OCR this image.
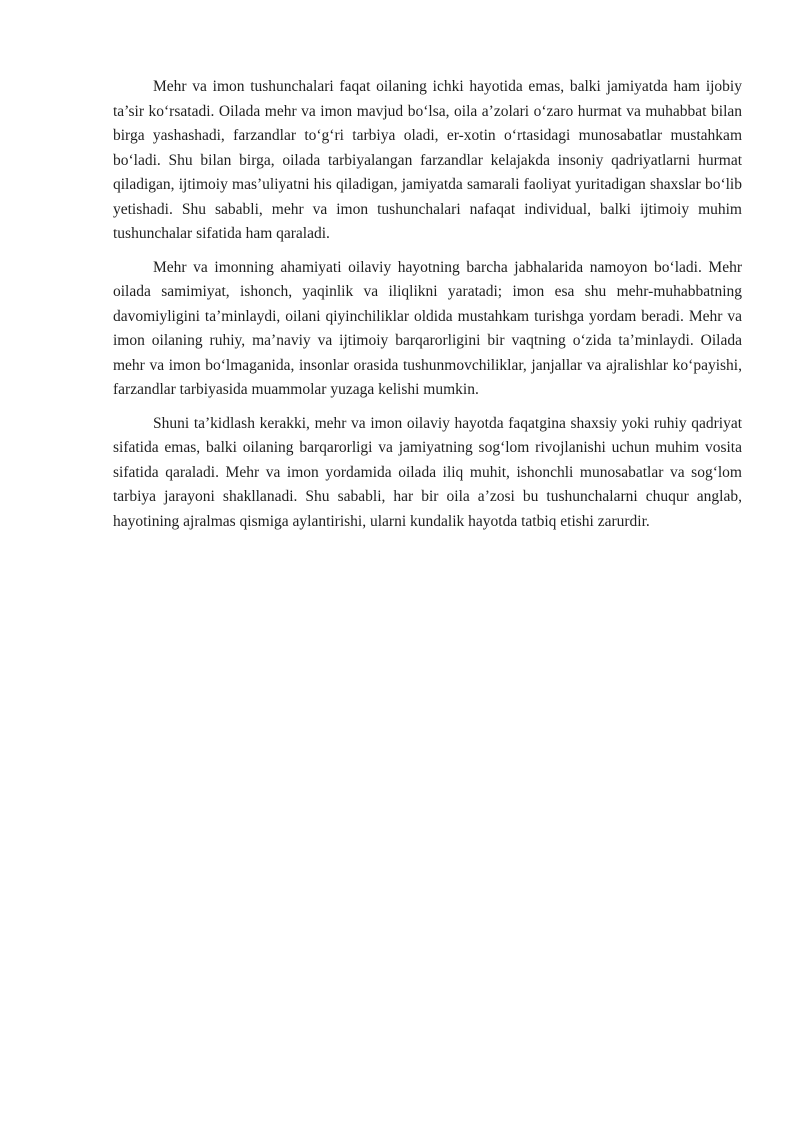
Mehr va imon tushunchalari faqat oilaning ichki hayotida emas, balki jamiyatda ham ijobiy ta’sir ko‘rsatadi. Oilada mehr va imon mavjud bo‘lsa, oila a’zolari o‘zaro hurmat va muhabbat bilan birga yashashadi, farzandlar to‘g‘ri tarbiya oladi, er-xotin o‘rtasidagi munosabatlar mustahkam bo‘ladi. Shu bilan birga, oilada tarbiyalangan farzandlar kelajakda insoniy qadriyatlarni hurmat qiladigan, ijtimoiy mas’uliyatni his qiladigan, jamiyatda samarali faoliyat yuritadigan shaxslar bo‘lib yetishadi. Shu sababli, mehr va imon tushunchalari nafaqat individual, balki ijtimoiy muhim tushunchalar sifatida ham qaraladi.

Mehr va imonning ahamiyati oilaviy hayotning barcha jabhalarida namoyon bo‘ladi. Mehr oilada samimiyat, ishonch, yaqinlik va iliqlikni yaratadi; imon esa shu mehr-muhabbatning davomiyligini ta’minlaydi, oilani qiyinchiliklar oldida mustahkam turishga yordam beradi. Mehr va imon oilaning ruhiy, ma’naviy va ijtimoiy barqarorligini bir vaqtning o‘zida ta’minlaydi. Oilada mehr va imon bo‘lmaganida, insonlar orasida tushunmovchiliklar, janjallar va ajralishlar ko‘payishi, farzandlar tarbiyasida muammolar yuzaga kelishi mumkin.

Shuni ta’kidlash kerakki, mehr va imon oilaviy hayotda faqatgina shaxsiy yoki ruhiy qadriyat sifatida emas, balki oilaning barqarorligi va jamiyatning sog‘lom rivojlanishi uchun muhim vosita sifatida qaraladi. Mehr va imon yordamida oilada iliq muhit, ishonchli munosabatlar va sog‘lom tarbiya jarayoni shakllanadi. Shu sababli, har bir oila a’zosi bu tushunchalarni chuqur anglab, hayotining ajralmas qismiga aylantirishi, ularni kundalik hayotda tatbiq etishi zarurdir.
